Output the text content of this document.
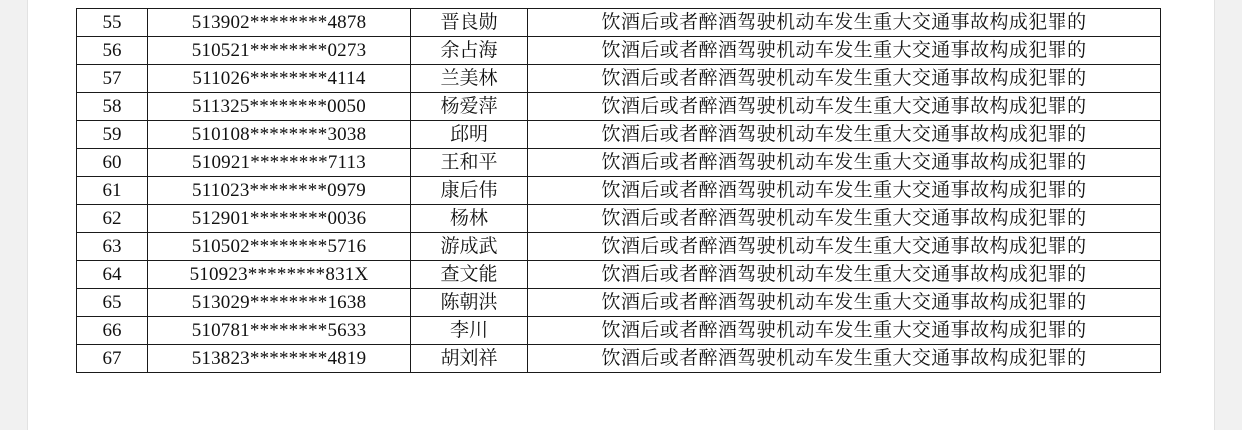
55	513902********4878	晋良勋	饮酒后或者醉酒驾驶机动车发生重大交通事故构成犯罪的
56	510521********0273	余占海	饮酒后或者醉酒驾驶机动车发生重大交通事故构成犯罪的
57	511026********4114	兰美林	饮酒后或者醉酒驾驶机动车发生重大交通事故构成犯罪的
58	511325********0050	杨爱萍	饮酒后或者醉酒驾驶机动车发生重大交通事故构成犯罪的
59	510108********3038	邱明	饮酒后或者醉酒驾驶机动车发生重大交通事故构成犯罪的
60	510921********7113	王和平	饮酒后或者醉酒驾驶机动车发生重大交通事故构成犯罪的
61	511023********0979	康后伟	饮酒后或者醉酒驾驶机动车发生重大交通事故构成犯罪的
62	512901********0036	杨林	饮酒后或者醉酒驾驶机动车发生重大交通事故构成犯罪的
63	510502********5716	游成武	饮酒后或者醉酒驾驶机动车发生重大交通事故构成犯罪的
64	510923********831X	查文能	饮酒后或者醉酒驾驶机动车发生重大交通事故构成犯罪的
65	513029********1638	陈朝洪	饮酒后或者醉酒驾驶机动车发生重大交通事故构成犯罪的
66	510781********5633	李川	饮酒后或者醉酒驾驶机动车发生重大交通事故构成犯罪的
67	513823********4819	胡刘祥	饮酒后或者醉酒驾驶机动车发生重大交通事故构成犯罪的
